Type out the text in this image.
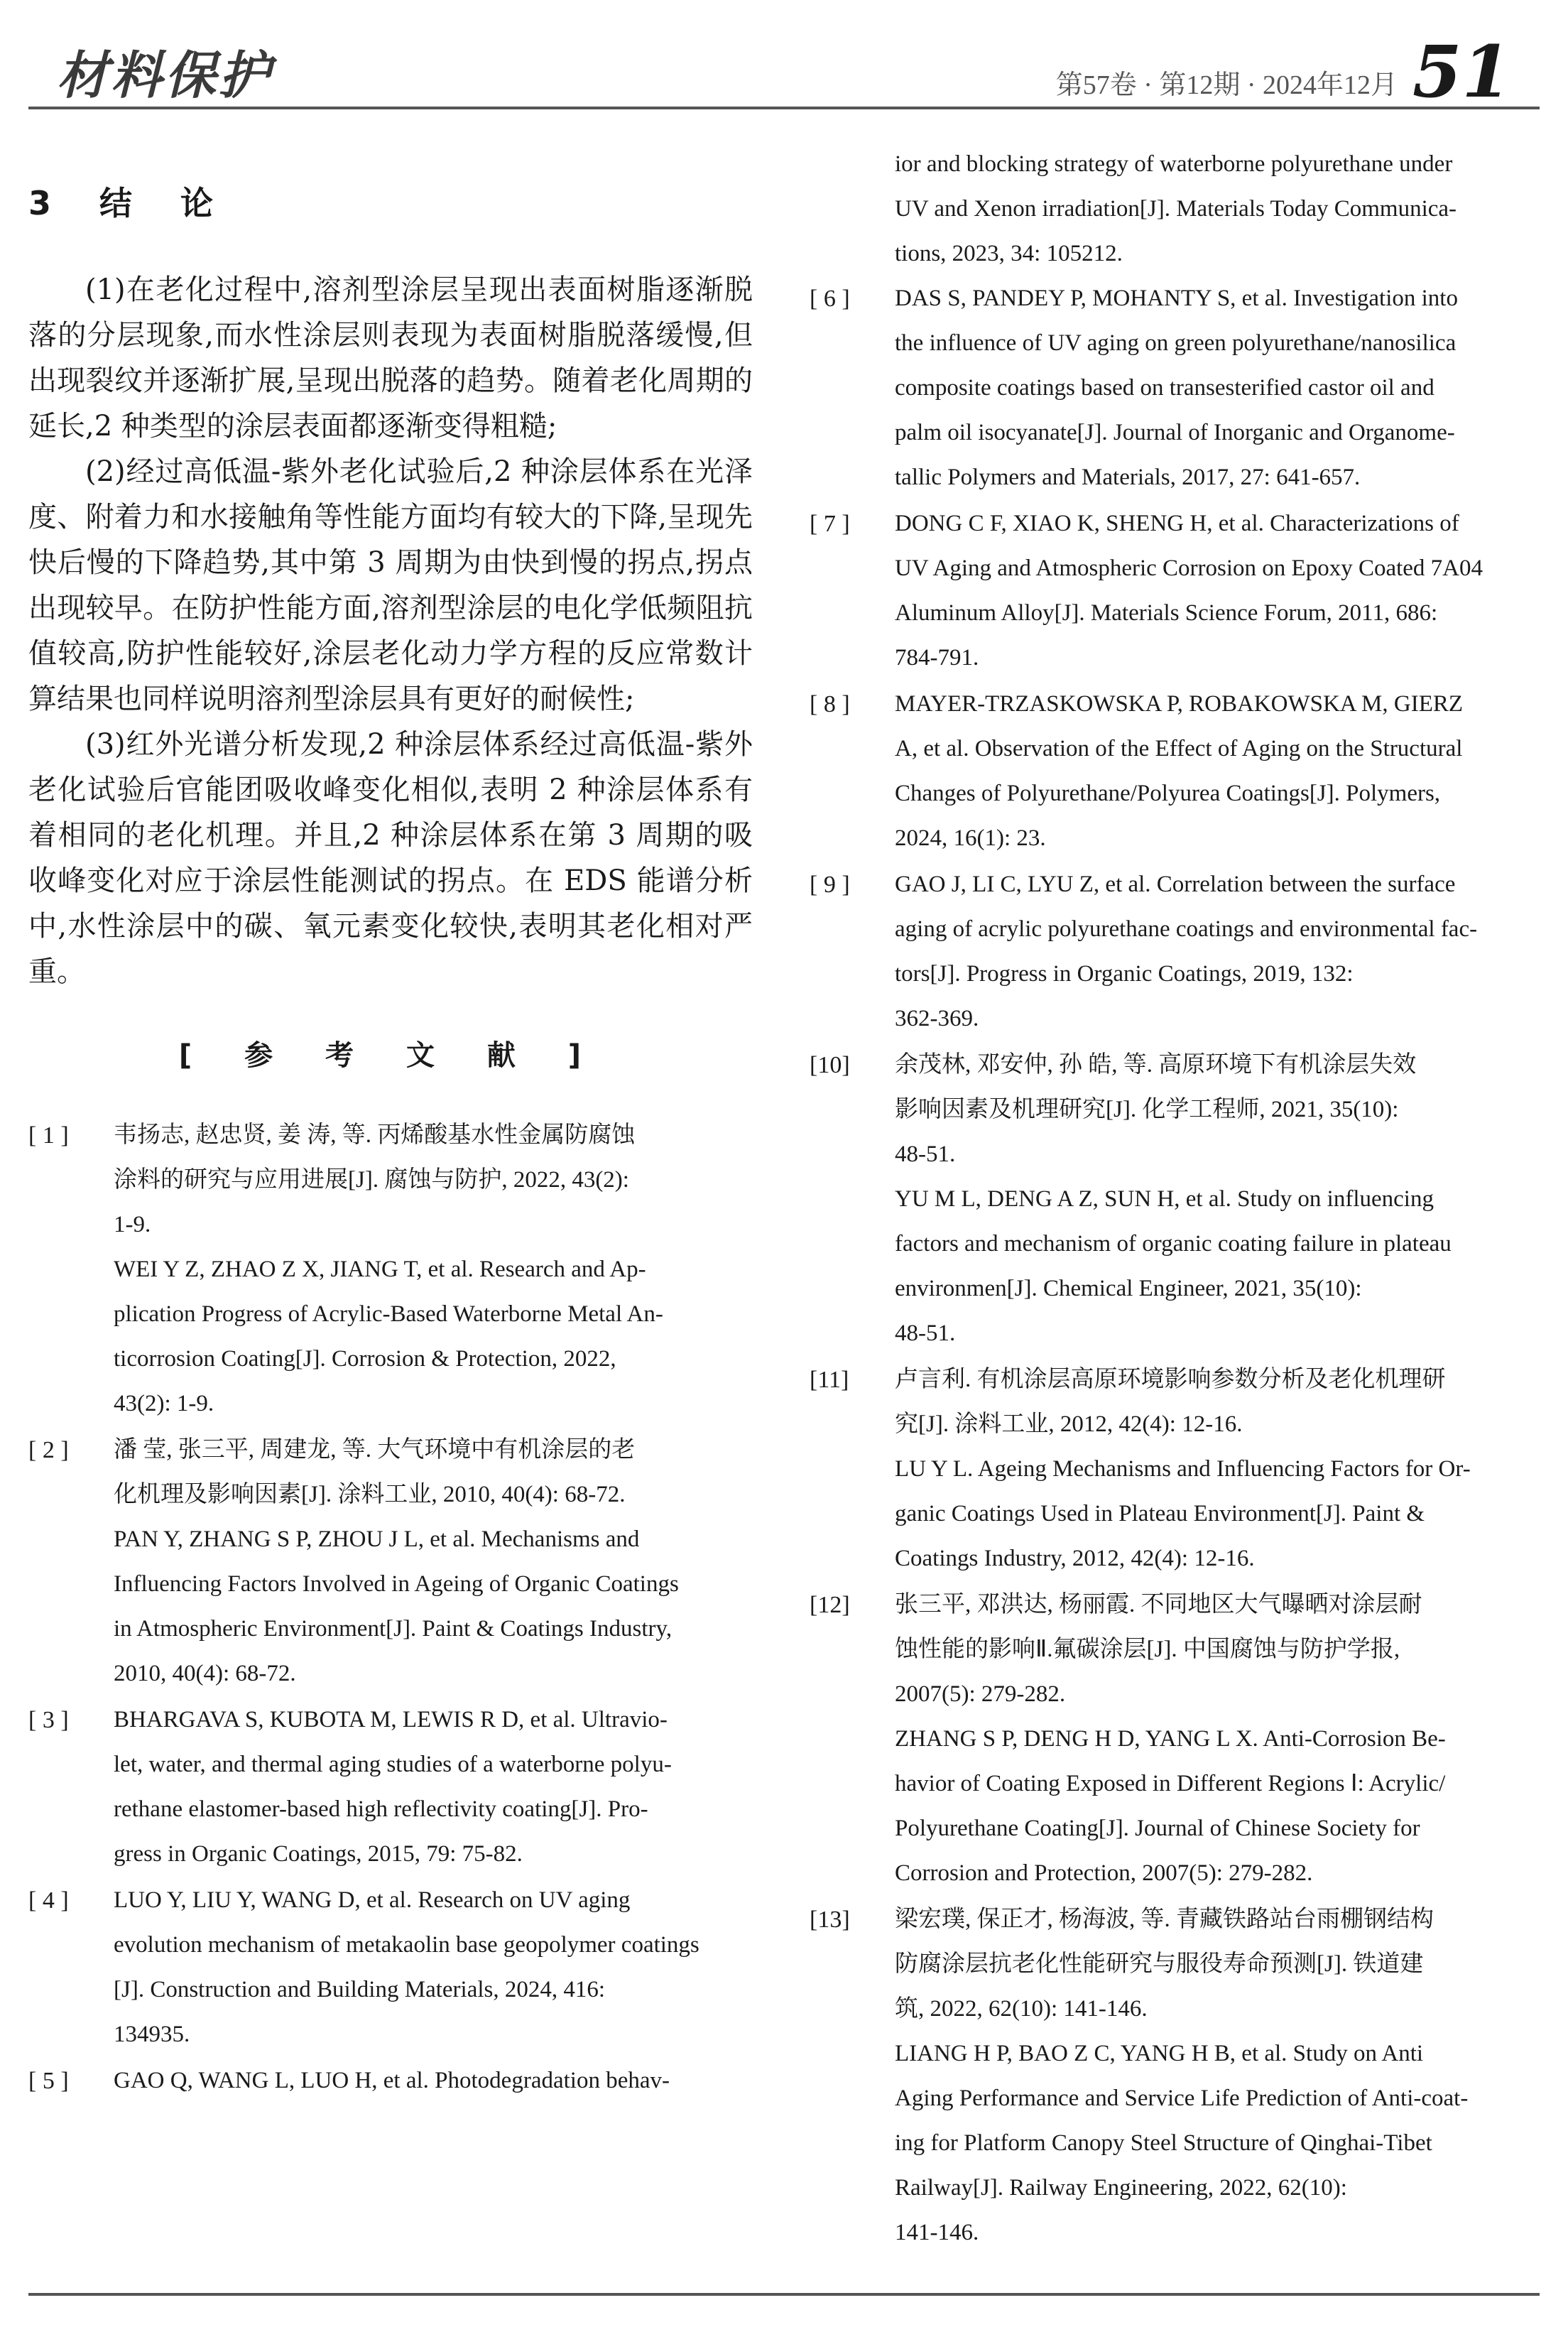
材料保护	第57卷 · 第12期 · 2024年12月 51
3 结 论

(1)在老化过程中,溶剂型涂层呈现出表面树脂逐渐脱落的分层现象,而水性涂层则表现为表面树脂脱落缓慢,但出现裂纹并逐渐扩展,呈现出脱落的趋势。随着老化周期的延长,2 种类型的涂层表面都逐渐变得粗糙;

(2)经过高低温-紫外老化试验后,2 种涂层体系在光泽度、附着力和水接触角等性能方面均有较大的下降,呈现先快后慢的下降趋势,其中第 3 周期为由快到慢的拐点,拐点出现较早。在防护性能方面,溶剂型涂层的电化学低频阻抗值较高,防护性能较好,涂层老化动力学方程的反应常数计算结果也同样说明溶剂型涂层具有更好的耐候性;

(3)红外光谱分析发现,2 种涂层体系经过高低温-紫外老化试验后官能团吸收峰变化相似,表明 2 种涂层体系有着相同的老化机理。并且,2 种涂层体系在第 3 周期的吸收峰变化对应于涂层性能测试的拐点。在 EDS 能谱分析中,水性涂层中的碳、氧元素变化较快,表明其老化相对严重。

[ 参 考 文 献 ]
[ 1 ] 韦扬志, 赵忠贤, 姜 涛, 等. 丙烯酸基水性金属防腐蚀
涂料的研究与应用进展[J]. 腐蚀与防护, 2022, 43(2):
1-9.
WEI Y Z, ZHAO Z X, JIANG T, et al. Research and Ap-
plication Progress of Acrylic-Based Waterborne Metal An-
ticorrosion Coating[J]. Corrosion & Protection, 2022,
43(2): 1-9.
[ 2 ] 潘 莹, 张三平, 周建龙, 等. 大气环境中有机涂层的老
化机理及影响因素[J]. 涂料工业, 2010, 40(4): 68-72.
PAN Y, ZHANG S P, ZHOU J L, et al. Mechanisms and
Influencing Factors Involved in Ageing of Organic Coatings
in Atmospheric Environment[J]. Paint & Coatings Industry,
2010, 40(4): 68-72.
[ 3 ] BHARGAVA S, KUBOTA M, LEWIS R D, et al. Ultravio-
let, water, and thermal aging studies of a waterborne polyu-
rethane elastomer-based high reflectivity coating[J]. Pro-
gress in Organic Coatings, 2015, 79: 75-82.
[ 4 ] LUO Y, LIU Y, WANG D, et al. Research on UV aging
evolution mechanism of metakaolin base geopolymer coatings
[J]. Construction and Building Materials, 2024, 416:
134935.
[ 5 ] GAO Q, WANG L, LUO H, et al. Photodegradation behav-
ior and blocking strategy of waterborne polyurethane under
UV and Xenon irradiation[J]. Materials Today Communica-
tions, 2023, 34: 105212.
[ 6 ] DAS S, PANDEY P, MOHANTY S, et al. Investigation into
the influence of UV aging on green polyurethane/nanosilica
composite coatings based on transesterified castor oil and
palm oil isocyanate[J]. Journal of Inorganic and Organome-
tallic Polymers and Materials, 2017, 27: 641-657.
[ 7 ] DONG C F, XIAO K, SHENG H, et al. Characterizations of
UV Aging and Atmospheric Corrosion on Epoxy Coated 7A04
Aluminum Alloy[J]. Materials Science Forum, 2011, 686:
784-791.
[ 8 ] MAYER-TRZASKOWSKA P, ROBAKOWSKA M, GIERZ
A, et al. Observation of the Effect of Aging on the Structural
Changes of Polyurethane/Polyurea Coatings[J]. Polymers,
2024, 16(1): 23.
[ 9 ] GAO J, LI C, LYU Z, et al. Correlation between the surface
aging of acrylic polyurethane coatings and environmental fac-
tors[J]. Progress in Organic Coatings, 2019, 132:
362-369.
[10] 余茂林, 邓安仲, 孙 皓, 等. 高原环境下有机涂层失效
影响因素及机理研究[J]. 化学工程师, 2021, 35(10):
48-51.
YU M L, DENG A Z, SUN H, et al. Study on influencing
factors and mechanism of organic coating failure in plateau
environmen[J]. Chemical Engineer, 2021, 35(10):
48-51.
[11] 卢言利. 有机涂层高原环境影响参数分析及老化机理研
究[J]. 涂料工业, 2012, 42(4): 12-16.
LU Y L. Ageing Mechanisms and Influencing Factors for Or-
ganic Coatings Used in Plateau Environment[J]. Paint &
Coatings Industry, 2012, 42(4): 12-16.
[12] 张三平, 邓洪达, 杨丽霞. 不同地区大气曝晒对涂层耐
蚀性能的影响Ⅱ.氟碳涂层[J]. 中国腐蚀与防护学报,
2007(5): 279-282.
ZHANG S P, DENG H D, YANG L X. Anti-Corrosion Be-
havior of Coating Exposed in Different Regions Ⅰ: Acrylic/
Polyurethane Coating[J]. Journal of Chinese Society for
Corrosion and Protection, 2007(5): 279-282.
[13] 梁宏璞, 保正才, 杨海波, 等. 青藏铁路站台雨棚钢结构
防腐涂层抗老化性能研究与服役寿命预测[J]. 铁道建
筑, 2022, 62(10): 141-146.
LIANG H P, BAO Z C, YANG H B, et al. Study on Anti
Aging Performance and Service Life Prediction of Anti-coat-
ing for Platform Canopy Steel Structure of Qinghai-Tibet
Railway[J]. Railway Engineering, 2022, 62(10):
141-146.
